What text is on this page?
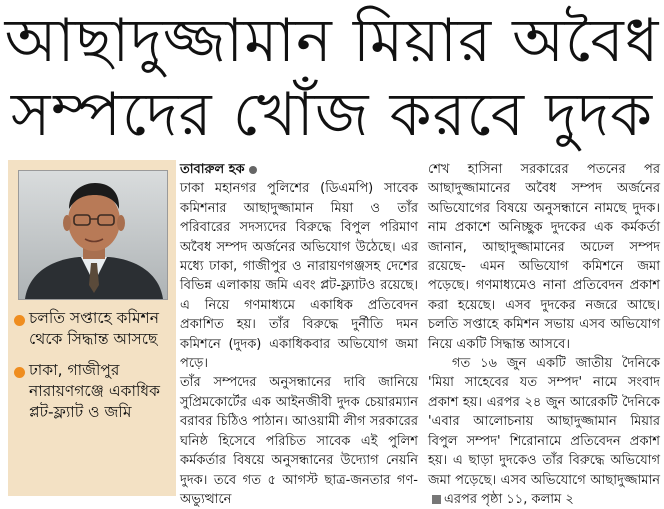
আছাদুজ্জামান মিয়ার অবৈধ
সম্পদের খোঁজ করবে দুদক
চলতি সপ্তাহে কমিশন থেকে সিদ্ধান্ত আসছে
ঢাকা, গাজীপুর নারায়ণগঞ্জে একাধিক প্লট-ফ্ল্যাট ও জমি

তাবারুল হক

ঢাকা মহানগর পুলিশের (ডিএমপি) সাবেক কমিশনার আছাদুজ্জামান মিয়া ও তাঁর পরিবারের সদস্যদের বিরুদ্ধে বিপুল পরিমাণ অবৈধ সম্পদ অর্জনের অভিযোগ উঠেছে। এর মধ্যে ঢাকা, গাজীপুর ও নারায়ণগঞ্জসহ দেশের বিভিন্ন এলাকায় জমি এবং প্লট-ফ্ল্যাটও রয়েছে। এ নিয়ে গণমাধ্যমে একাধিক প্রতিবেদন প্রকাশিত হয়। তাঁর বিরুদ্ধে দুর্নীতি দমন কমিশনে (দুদক) একাধিকবার অভিযোগ জমা পড়ে।

তাঁর সম্পদের অনুসন্ধানের দাবি জানিয়ে সুপ্রিমকোর্টের এক আইনজীবী দুদক চেয়ারম্যান বরাবর চিঠিও পাঠান। আওয়ামী লীগ সরকারের ঘনিষ্ঠ হিসেবে পরিচিত সাবেক এই পুলিশ কর্মকর্তার বিষয়ে অনুসন্ধানের উদ্যোগ নেয়নি দুদক। তবে গত ৫ আগস্ট ছাত্র-জনতার গণ-অভ্যুত্থানে

শেখ হাসিনা সরকারের পতনের পর আছাদুজ্জামানের অবৈধ সম্পদ অর্জনের অভিযোগের বিষয়ে অনুসন্ধানে নামছে দুদক। নাম প্রকাশে অনিচ্ছুক দুদকের এক কর্মকর্তা জানান, আছাদুজ্জামানের অঢেল সম্পদ রয়েছে- এমন অভিযোগ কমিশনে জমা পড়েছে। গণমাধ্যমেও নানা প্রতিবেদন প্রকাশ করা হয়েছে। এসব দুদকের নজরে আছে। চলতি সপ্তাহে কমিশন সভায় এসব অভিযোগ নিয়ে একটি সিদ্ধান্ত আসবে।

গত ১৬ জুন একটি জাতীয় দৈনিকে 'মিয়া সাহেবের যত সম্পদ' নামে সংবাদ প্রকাশ হয়। এরপর ২৪ জুন আরেকটি দৈনিকে 'এবার আলোচনায় আছাদুজ্জামান মিয়ার বিপুল সম্পদ' শিরোনামে প্রতিবেদন প্রকাশ হয়। এ ছাড়া দুদকেও তাঁর বিরুদ্ধে অভিযোগ জমা পড়েছে। এসব অভিযোগে আছাদুজ্জামানএরপর পৃষ্ঠা ১১, কলাম ২
